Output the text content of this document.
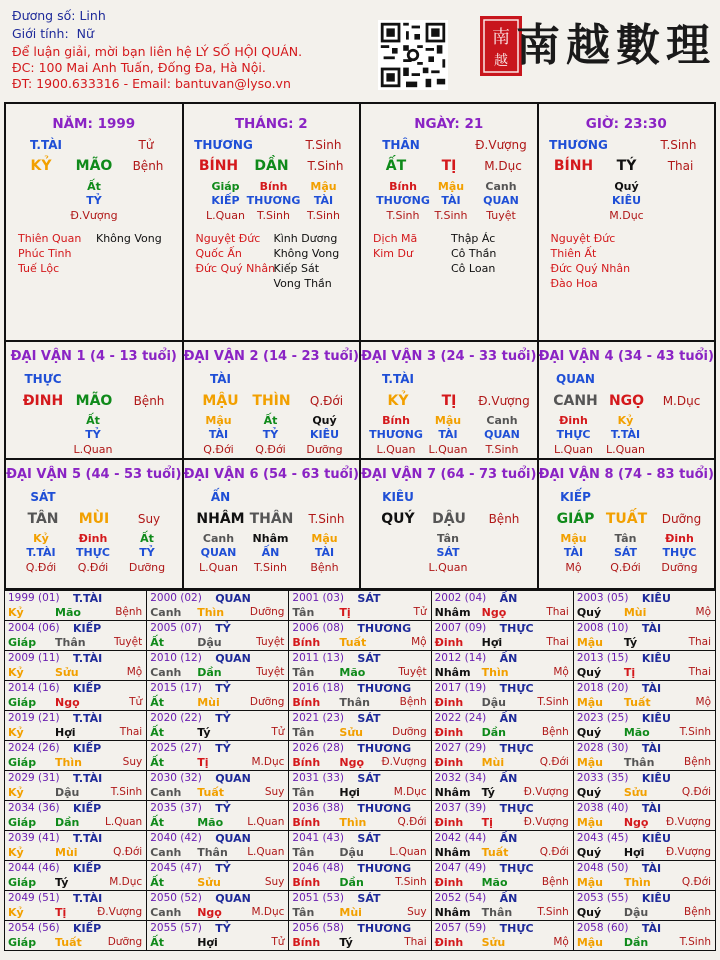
Đương số: Linh
Giới tính: Nữ
Để luận giải, mời bạn liên hệ LÝ SỐ HỘI QUÁN.
ĐC: 100 Mai Anh Tuấn, Đống Đa, Hà Nội.
ĐT: 1900.633316 - Email: bantuvan@lyso.vn
南
越 南越數理
NĂM: 1999
T.TÀI	Tử
KỶ	MÃO	Bệnh
Ất
TỶ
Đ.Vượng
Thiên Quan
Phúc Tinh
Tuế Lộc
Không Vong
THÁNG: 2
THƯƠNG	T.Sinh
BÍNH	DẦN	T.Sinh
Giáp
KIẾP
L.Quan
Bính
THƯƠNG
T.Sinh
Mậu
TÀI
T.Sinh
Nguyệt Đức
Quốc Ấn
Đức Quý Nhân
Kình Dương
Không Vong
Kiếp Sát
Vong Thần
NGÀY: 21
THÂN	Đ.Vượng
ẤT	TỊ	M.Dục
Bính
THƯƠNG
T.Sinh
Mậu
TÀI
T.Sinh
Canh
QUAN
Tuyệt
Dịch Mã
Kim Dư
Thập Ác
Cô Thần
Cô Loan
GIỜ: 23:30
THƯƠNG	T.Sinh
BÍNH	TÝ	Thai
Quý
KIÊU
M.Dục
Nguyệt Đức
Thiên Ất
Đức Quý Nhân
Đào Hoa
ĐẠI VẬN 1 (4 - 13 tuổi)
THỰC
ĐINH MÃO	Bệnh
Ất
TỶ
L.Quan
ĐẠI VẬN 2 (14 - 23 tuổi)
TÀI
MẬU THÌN	Q.Đới
Mậu
TÀI
Q.Đới
Ất
TỶ
Q.Đới
Quý
KIÊU
Dưỡng
ĐẠI VẬN 3 (24 - 33 tuổi)
T.TÀI
KỶ	TỊ	Đ.Vượng
Bính
THƯƠNG
L.Quan
Mậu
TÀI
L.Quan
Canh
QUAN
T.Sinh
ĐẠI VẬN 4 (34 - 43 tuổi)
QUAN
CANH NGỌ	M.Dục
Đinh
THỰC
L.Quan
Kỷ
T.TÀI
L.Quan
ĐẠI VẬN 5 (44 - 53 tuổi)
SÁT
TÂN	MÙI	Suy
Kỷ
T.TÀI
Q.Đới
Đinh
THỰC
Q.Đới
Ất
TỶ
Dưỡng
ĐẠI VẬN 6 (54 - 63 tuổi)
ẤN
NHÂM THÂN	T.Sinh
Canh
QUAN
L.Quan
Nhâm
ẤN
T.Sinh
Mậu
TÀI
Bệnh
ĐẠI VẬN 7 (64 - 73 tuổi)
KIÊU
QUÝ	DẬU	Bệnh
Tân
SÁT
L.Quan
ĐẠI VẬN 8 (74 - 83 tuổi)
KIẾP
GIÁP TUẤT	Dưỡng
Mậu
TÀI
Mộ
Tân
SÁT
Q.Đới
Đinh
THỰC
Dưỡng
1999 (01) T.TÀI
Kỷ	Mão	Bệnh
2000 (02) QUAN
Canh Thìn Dưỡng
2001 (03) SÁT
Tân Tị	Tử
2002 (04) ẤN
Nhâm Ngọ	Thai
2003 (05) KIÊU
Quý Mùi	Mộ
2004 (06) KIẾP
Giáp Thân	Tuyệt
2005 (07) TỶ
Ất	Dậu	Tuyệt
2006 (08) THƯƠNG
Bính Tuất	Mộ
2007 (09) THỰC
Đinh Hợi	Thai
2008 (10) TÀI
Mậu Tý	Thai
2009 (11) T.TÀI
Kỷ	Sửu	Mộ
2010 (12) QUAN
Canh Dần	Tuyệt
2011 (13) SÁT
Tân Mão	Tuyệt
2012 (14) ẤN
Nhâm Thìn	Mộ
2013 (15) KIÊU
Quý Tị	Thai
2014 (16) KIẾP
Giáp Ngọ	Tử
2015 (17) TỶ
Ất	Mùi	Dưỡng
2016 (18) THƯƠNG
Bính Thân	Bệnh
2017 (19) THỰC
Đinh Dậu	T.Sinh
2018 (20) TÀI
Mậu Tuất	Mộ
2019 (21) T.TÀI
Kỷ	Hợi	Thai
2020 (22) TỶ
Ất	Tý	Tử
2021 (23) SÁT
Tân Sửu	Dưỡng
2022 (24) ẤN
Đinh Dần	Bệnh
2023 (25) KIÊU
Quý Mão	T.Sinh
2024 (26) KIẾP
Giáp Thìn	Suy
2025 (27) TỶ
Ất	Tị	M.Dục
2026 (28) THƯƠNG
Bính Ngọ Đ.Vượng
2027 (29) THỰC
Đinh Mùi	Q.Đới
2028 (30) TÀI
Mậu Thân	Bệnh
2029 (31) T.TÀI
Kỷ	Dậu	T.Sinh
2030 (32) QUAN
Canh Tuất	Suy
2031 (33) SÁT
Tân Hợi	M.Dục
2032 (34) ẤN
Nhâm Tý	Đ.Vượng
2033 (35) KIÊU
Quý Sửu	Q.Đới
2034 (36) KIẾP
Giáp Dần L.Quan
2035 (37) TỶ
Ất	Mão L.Quan
2036 (38) THƯƠNG
Bính Thìn	Q.Đới
2037 (39) THỰC
Đinh Tị	Đ.Vượng
2038 (40) TÀI
Mậu Ngọ Đ.Vượng
2039 (41) T.TÀI
Kỷ	Mùi	Q.Đới
2040 (42) QUAN
Canh Thân L.Quan
2041 (43) SÁT
Tân Dậu L.Quan
2042 (44) ẤN
Nhâm Tuất	Q.Đới
2043 (45) KIÊU
Quý Hợi Đ.Vượng
2044 (46) KIẾP
Giáp Tý	M.Dục
2045 (47) TỶ
Ất	Sửu	Suy
2046 (48) THƯƠNG
Bính Dần	T.Sinh
2047 (49) THỰC
Đinh Mão	Bệnh
2048 (50) TÀI
Mậu Thìn	Q.Đới
2049 (51) T.TÀI
Kỷ	Tị	Đ.Vượng
2050 (52) QUAN
Canh Ngọ	M.Dục
2051 (53) SÁT
Tân Mùi	Suy
2052 (54) ẤN
Nhâm Thân T.Sinh
2053 (55) KIÊU
Quý Dậu	Bệnh
2054 (56) KIẾP
Giáp Tuất Dưỡng
2055 (57) TỶ
Ất	Hợi	Tử
2056 (58) THƯƠNG
Bính Tý	Thai
2057 (59) THỰC
Đinh Sửu	Mộ
2058 (60) TÀI
Mậu Dần	T.Sinh
